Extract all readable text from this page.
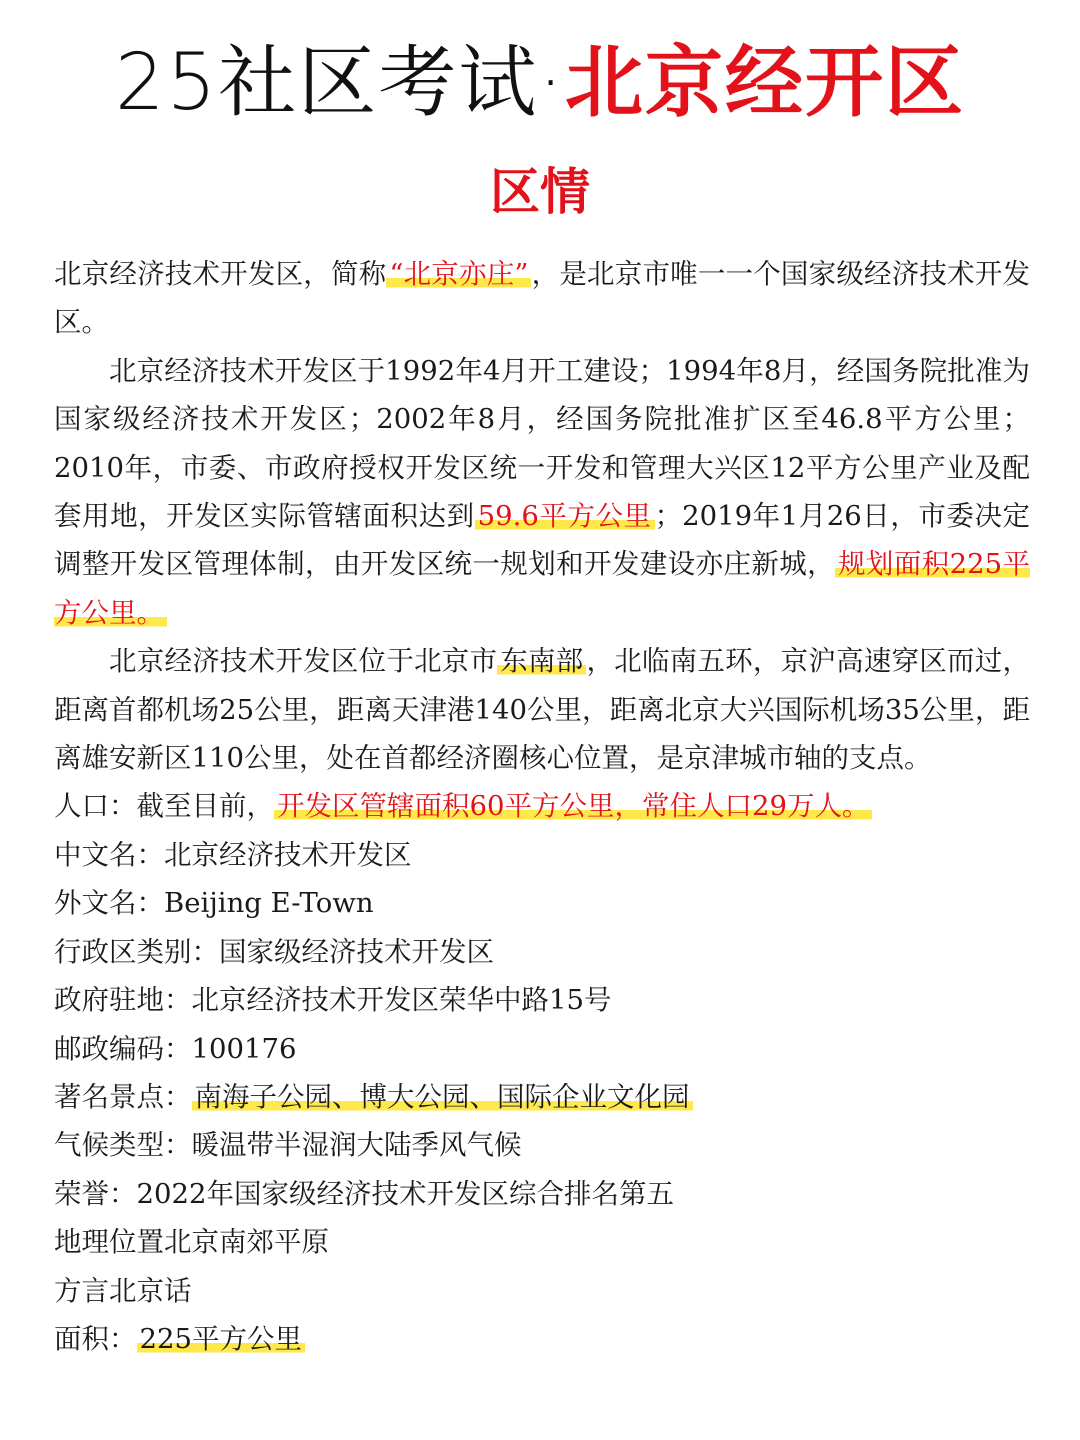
25社区考试·北京经开区
区情

北京经济技术开发区，简称 “北京亦庄” ，是北京市唯一一个国家级经济技术开发区。

北京经济技术开发区于1992年4月开工建设；1994年8月，经国务院批准为国家级经济技术开发区；2002年8月，经国务院批准扩区至46.8平方公里；2010年，市委、市政府授权开发区统一开发和管理大兴区12平方公里产业及配套用地，开发区实际管辖面积达到 59.6平方公里 ；2019年1月26日，市委决定调整开发区管理体制，由开发区统一规划和开发建设亦庄新城， 规划面积225平方公里。

北京经济技术开发区位于北京市 东南部 ，北临南五环，京沪高速穿区而过，距离首都机场25公里，距离天津港140公里，距离北京大兴国际机场35公里，距离雄安新区110公里，处在首都经济圈核心位置，是京津城市轴的支点。

人口：截至目前， 开发区管辖面积60平方公里，常住人口29万人。

中文名：北京经济技术开发区

外文名：Beijing E-Town

行政区类别：国家级经济技术开发区

政府驻地：北京经济技术开发区荣华中路15号

邮政编码：100176

著名景点： 南海子公园、博大公园、国际企业文化园

气候类型：暖温带半湿润大陆季风气候

荣誉：2022年国家级经济技术开发区综合排名第五

地理位置北京南郊平原

方言北京话

面积： 225平方公里
